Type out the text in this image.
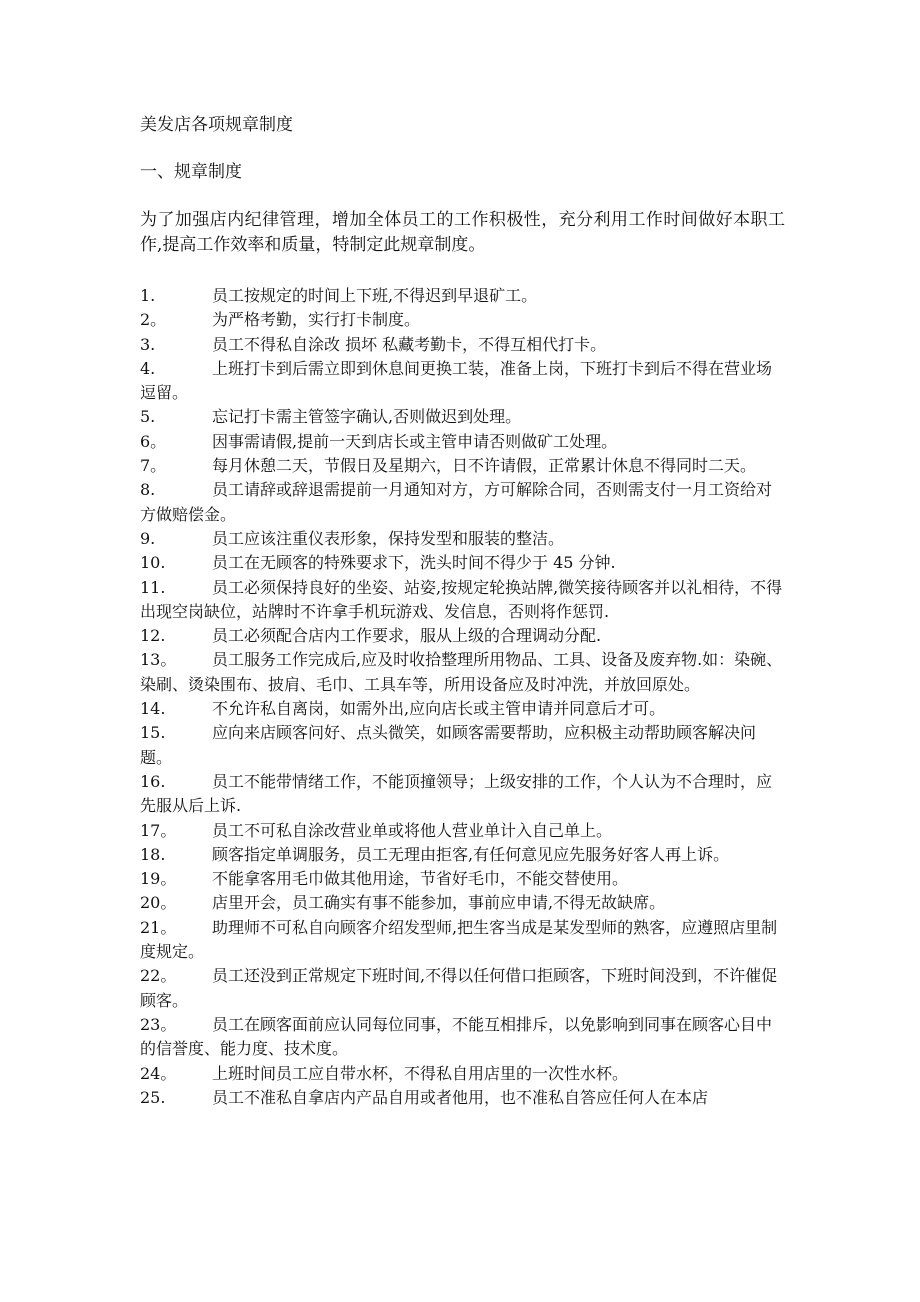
美发店各项规章制度

一、规章制度

为了加强店内纪律管理，增加全体员工的工作积极性，充分利用工作时间做好本职工作,提高工作效率和质量，特制定此规章制度。

1.	员工按规定的时间上下班,不得迟到早退矿工。
2。	为严格考勤，实行打卡制度。
3.	员工不得私自涂改 损坏 私藏考勤卡，不得互相代打卡。
4.	上班打卡到后需立即到休息间更换工装，准备上岗，下班打卡到后不得在营业场逗留。
5.	忘记打卡需主管签字确认,否则做迟到处理。
6。	因事需请假,提前一天到店长或主管申请否则做矿工处理。
7。	每月休憩二天，节假日及星期六，日不许请假，正常累计休息不得同时二天。
8.	员工请辞或辞退需提前一月通知对方，方可解除合同，否则需支付一月工资给对方做赔偿金。
9.	员工应该注重仪表形象，保持发型和服装的整洁。
10.	员工在无顾客的特殊要求下，洗头时间不得少于 45 分钟.
11.	员工必须保持良好的坐姿、站姿,按规定轮换站牌,微笑接待顾客并以礼相待，不得出现空岗缺位，站牌时不许拿手机玩游戏、发信息，否则将作惩罚.
12.	员工必须配合店内工作要求，服从上级的合理调动分配.
13。 员工服务工作完成后,应及时收拾整理所用物品、工具、设备及废弃物.如：染碗、染刷、烫染围布、披肩、毛巾、工具车等，所用设备应及时冲洗，并放回原处。
14.	不允许私自离岗，如需外出,应向店长或主管申请并同意后才可。
15.	应向来店顾客问好、点头微笑，如顾客需要帮助，应积极主动帮助顾客解决问题。
16.	员工不能带情绪工作，不能顶撞领导；上级安排的工作，个人认为不合理时，应先服从后上诉.
17。 员工不可私自涂改营业单或将他人营业单计入自己单上。
18.	顾客指定单调服务，员工无理由拒客,有任何意见应先服务好客人再上诉。
19。 不能拿客用毛巾做其他用途，节省好毛巾，不能交替使用。
20。 店里开会，员工确实有事不能参加，事前应申请,不得无故缺席。
21。 助理师不可私自向顾客介绍发型师,把生客当成是某发型师的熟客，应遵照店里制度规定。
22。 员工还没到正常规定下班时间,不得以任何借口拒顾客，下班时间没到，不许催促顾客。
23。 员工在顾客面前应认同每位同事，不能互相排斥，以免影响到同事在顾客心目中的信誉度、能力度、技术度。
24。 上班时间员工应自带水杯，不得私自用店里的一次性水杯。
25.	员工不准私自拿店内产品自用或者他用，也不准私自答应任何人在本店
